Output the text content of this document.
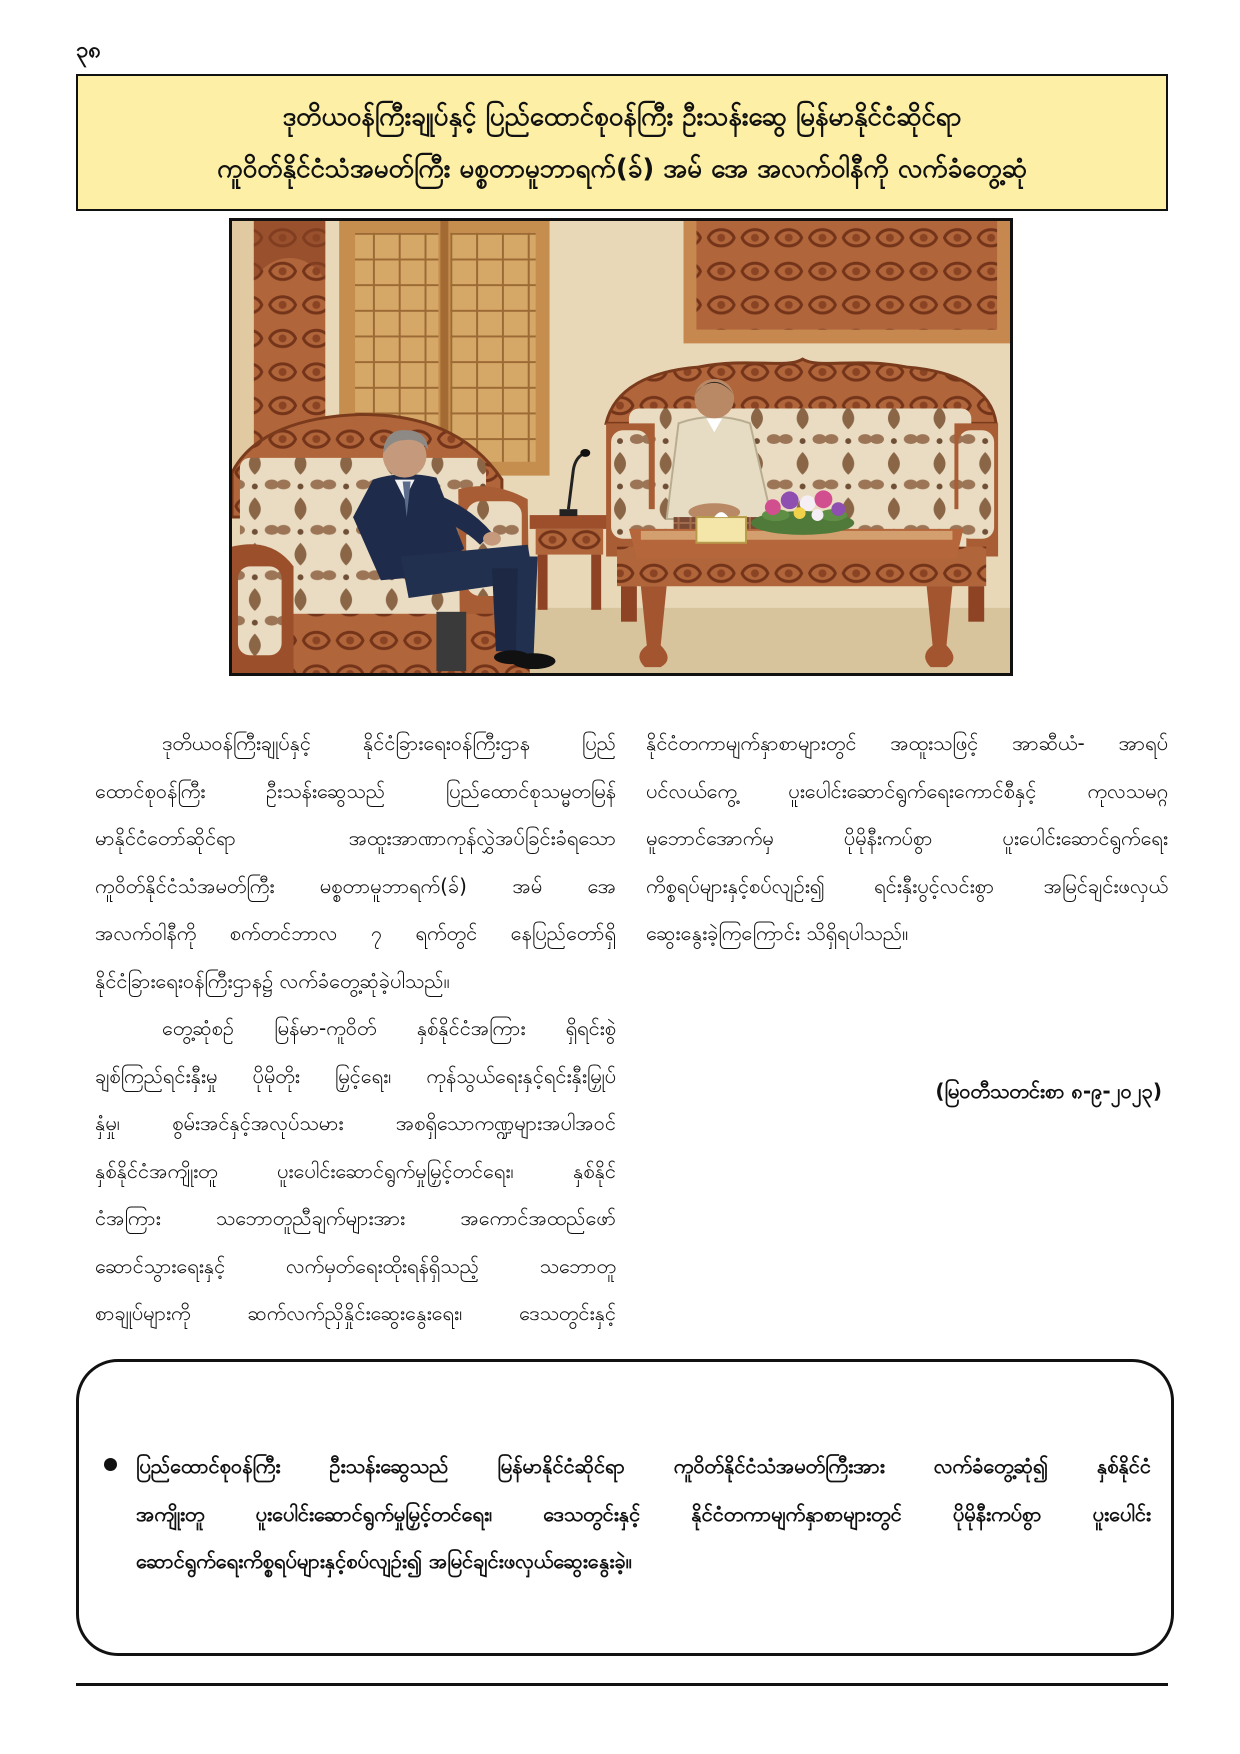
၃၈
ဒုတိယဝန်ကြီးချုပ်နှင့် ပြည်ထောင်စုဝန်ကြီး ဦးသန်းဆွေ မြန်မာနိုင်ငံဆိုင်ရာ
ကူဝိတ်နိုင်ငံသံအမတ်ကြီး မစ္စတာမူဘာရက်(ခ်) အမ် အေ အလက်ဝါနီကို လက်ခံတွေ့ဆုံ
ဒုတိယဝန်ကြီးချုပ်နှင့် နိုင်ငံခြားရေးဝန်ကြီးဌာန ပြည်
ထောင်စုဝန်ကြီး ဦးသန်းဆွေသည် ပြည်ထောင်စုသမ္မတမြန်
မာနိုင်ငံတော်ဆိုင်ရာ အထူးအာဏာကုန်လွှဲအပ်ခြင်းခံရသော
ကူဝိတ်နိုင်ငံသံအမတ်ကြီး မစ္စတာမူဘာရက်(ခ်) အမ် အေ
အလက်ဝါနီကို စက်တင်ဘာလ ၇ ရက်တွင် နေပြည်တော်ရှိ
နိုင်ငံခြားရေးဝန်ကြီးဌာန၌ လက်ခံတွေ့ဆုံခဲ့ပါသည်။
တွေ့ဆုံစဉ် မြန်မာ-ကူဝိတ် နှစ်နိုင်ငံအကြား ရှိရင်းစွဲ
ချစ်ကြည်ရင်းနှီးမှု ပိုမိုတိုး မြှင့်ရေး၊ ကုန်သွယ်ရေးနှင့်ရင်းနှီးမြှုပ်
နှံမှု၊ စွမ်းအင်နှင့်အလုပ်သမား အစရှိသောကဏ္ဍများအပါအဝင်
နှစ်နိုင်ငံအကျိုးတူ ပူးပေါင်းဆောင်ရွက်မှုမြှင့်တင်ရေး၊ နှစ်နိုင်
ငံအကြား သဘောတူညီချက်များအား အကောင်အထည်ဖော်
ဆောင်သွားရေးနှင့် လက်မှတ်ရေးထိုးရန်ရှိသည့် သဘောတူ
စာချုပ်များကို ဆက်လက်ညှိနှိုင်းဆွေးနွေးရေး၊ ဒေသတွင်းနှင့်
နိုင်ငံတကာမျက်နှာစာများတွင် အထူးသဖြင့် အာဆီယံ- အာရပ်
ပင်လယ်ကွေ့ ပူးပေါင်းဆောင်ရွက်ရေးကောင်စီနှင့် ကုလသမဂ္ဂ
မူဘောင်အောက်မှ ပိုမိုနီးကပ်စွာ ပူးပေါင်းဆောင်ရွက်ရေး
ကိစ္စရပ်များနှင့်စပ်လျဉ်း၍ ရင်းနှီးပွင့်လင်းစွာ အမြင်ချင်းဖလှယ်
ဆွေးနွေးခဲ့ကြကြောင်း သိရှိရပါသည်။
(မြဝတီသတင်းစာ ၈-၉-၂၀၂၃)
ပြည်ထောင်စုဝန်ကြီး ဦးသန်းဆွေသည် မြန်မာနိုင်ငံဆိုင်ရာ ကူဝိတ်နိုင်ငံသံအမတ်ကြီးအား လက်ခံတွေ့ဆုံ၍ နှစ်နိုင်ငံ
အကျိုးတူ ပူးပေါင်းဆောင်ရွက်မှုမြှင့်တင်ရေး၊ ဒေသတွင်းနှင့် နိုင်ငံတကာမျက်နှာစာများတွင် ပိုမိုနီးကပ်စွာ ပူးပေါင်း
ဆောင်ရွက်ရေးကိစ္စရပ်များနှင့်စပ်လျဉ်း၍ အမြင်ချင်းဖလှယ်ဆွေးနွေးခဲ့။
